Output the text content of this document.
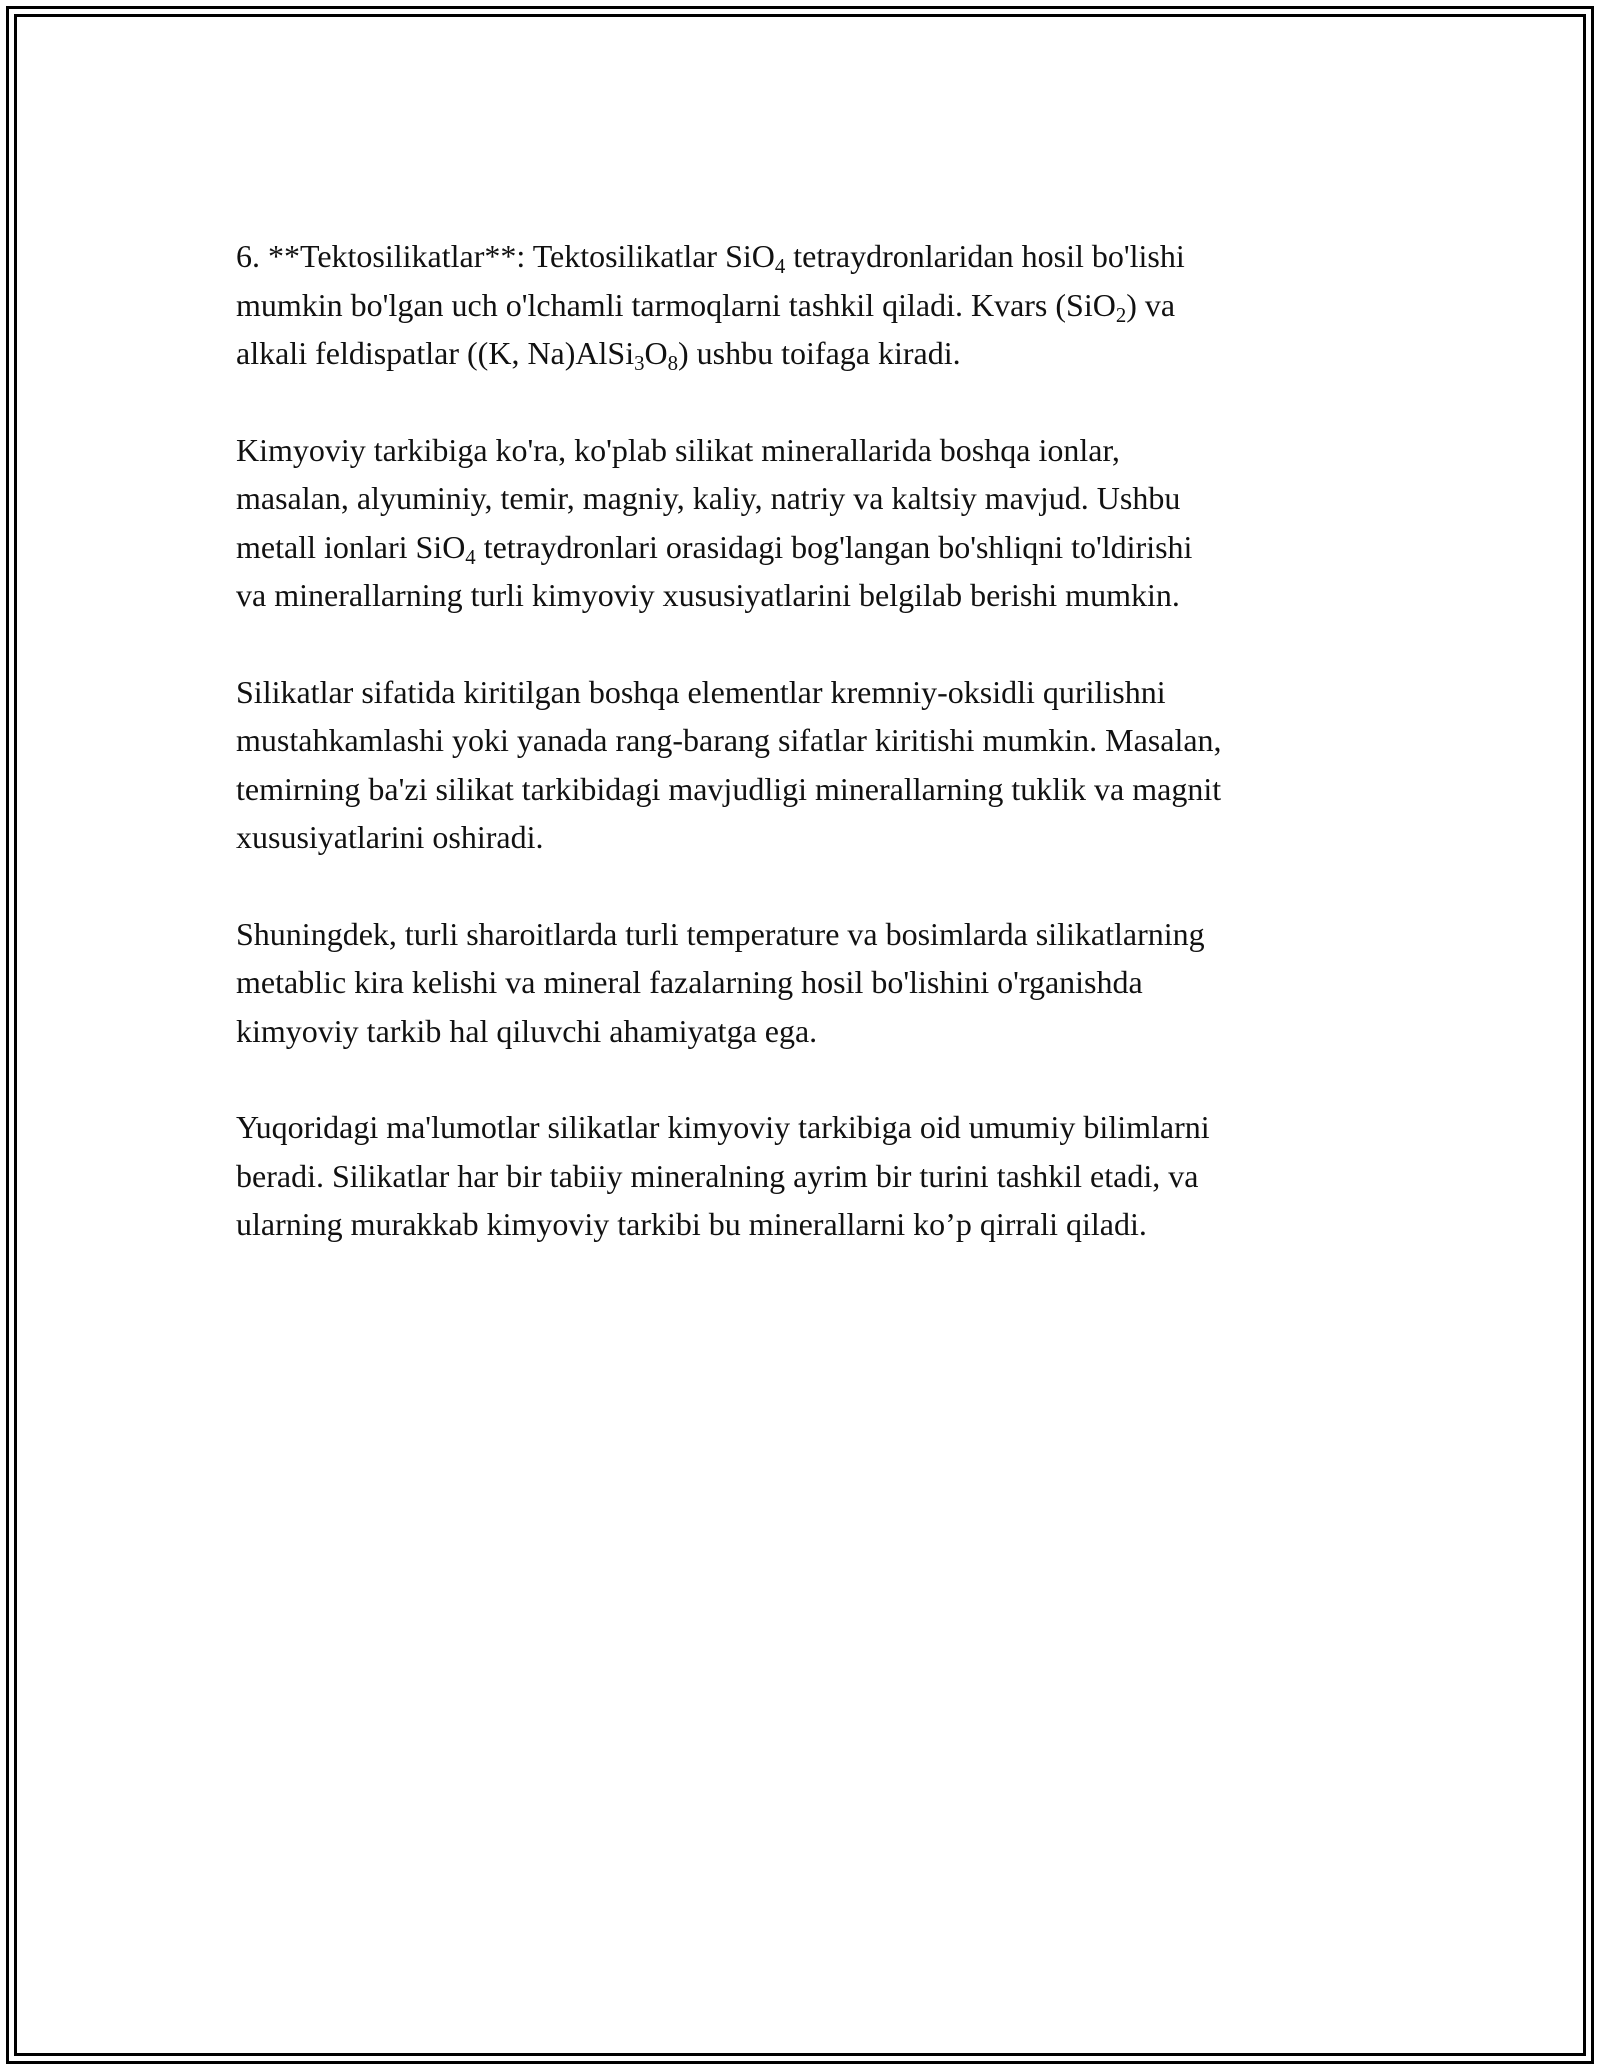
6. **Tektosilikatlar**: Tektosilikatlar SiO$_4$ tetraydronlaridan hosil bo'lishi
mumkin bo'lgan uch o'lchamli tarmoqlarni tashkil qiladi. Kvars (SiO$_2$) va
alkali feldispatlar ((K, $Na)AlSi_3O_8$) ushbu toifaga kiradi.
Kimyoviy tarkibiga ko'ra, ko'plab silikat minerallarida boshqa ionlar,
masalan, alyuminiy, temir, magniy, kaliy, natriy va kaltsiy mavjud. Ushbu
metall ionlari SiO$_4$ tetraydronlari orasidagi bog'langan bo'shliqni to'ldirishi
va minerallarning turli kimyoviy xususiyatlarini belgilab berishi mumkin.
Silikatlar sifatida kiritilgan boshqa elementlar kremniy-oksidli qurilishni
mustahkamlashi yoki yanada rang-barang sifatlar kiritishi mumkin. Masalan,
temirning ba'zi silikat tarkibidagi mavjudligi minerallarning tuklik va magnit
xususiyatlarini oshiradi.
Shuningdek, turli sharoitlarda turli temperature va bosimlarda silikatlarning
metablic kira kelishi va mineral fazalarning hosil bo'lishini o'rganishda
kimyoviy tarkib hal qiluvchi ahamiyatga ega.
Yuqoridagi ma'lumotlar silikatlar kimyoviy tarkibiga oid umumiy bilimlarni
beradi. Silikatlar har bir tabiiy mineralning ayrim bir turini tashkil etadi, va
ularning murakkab kimyoviy tarkibi bu minerallarni ko’p qirrali qiladi.
